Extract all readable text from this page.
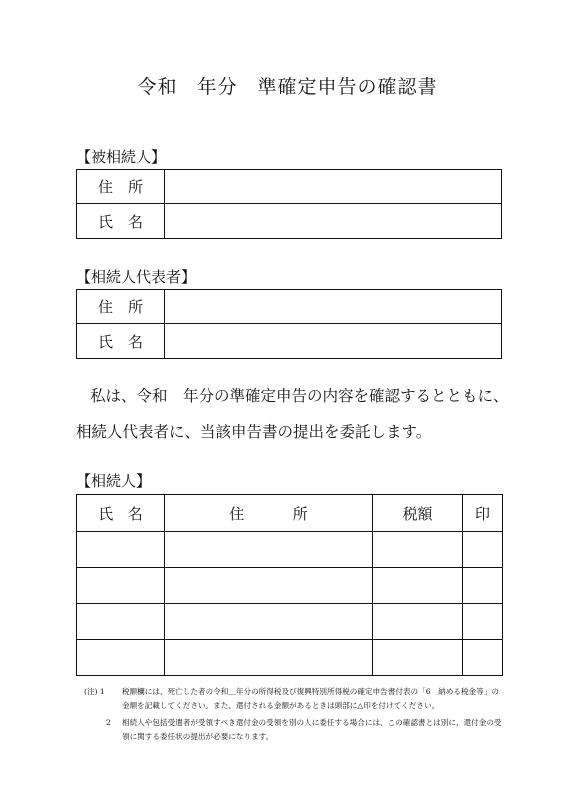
令和　年分　準確定申告の確認書
【被相続人】
住　所
氏　名
【相続人代表者】
住　所
氏　名
私は、令和　年分の準確定申告の内容を確認するとともに、
相続人代表者に、当該申告書の提出を委託します。
【相続人】
氏 名	住 所	税額	印

(注) 1 税額欄には、死亡した者の令和＿年分の所得税及び復興特別所得税の確定申告書付表の「6　納める税金等」の金額を記載してください。また、還付される金額があるときは頭部に△印を付けてください。
2 相続人や包括受遺者が受領すべき還付金の受領を別の人に委任する場合には、この確認書とは別に、還付金の受領に関する委任状の提出が必要になります。
